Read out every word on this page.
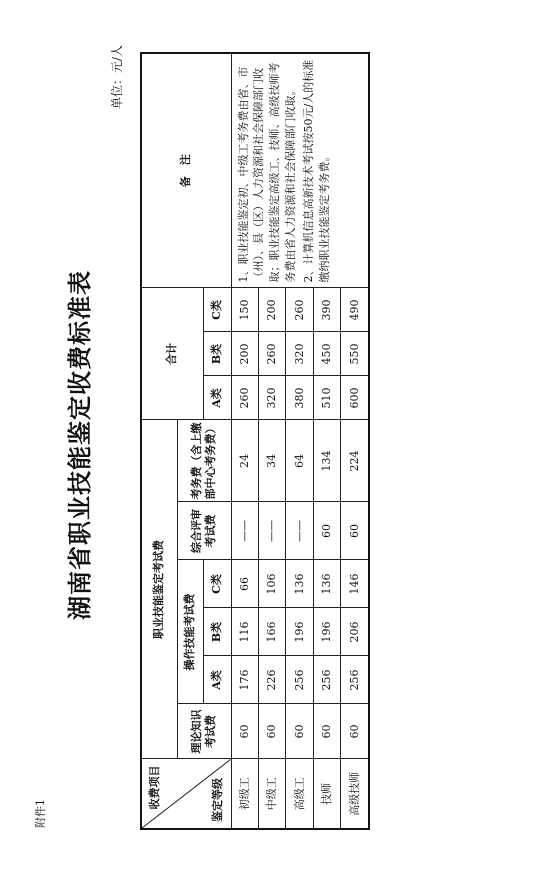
附件1
湖南省职业技能鉴定收费标准表
单位：元/人
收费项目 鉴定等级	职业技能鉴定考试费						合计			备　注
	理论知识考试费	操作技能考试费			综合评审考试费	考务费（含上缴部中心考务费）				
		A类	B类	C类			A类	B类	C类	
初级工	60	176	116	66	——	24	260	200	150	1、职业技能鉴定初、中级工考务费由省、市（州）、县（区）人力资源和社会保障部门收取；职业技能鉴定高级工、技师、高级技师考务费由省人力资源和社会保障部门收取。 2、计算机信息高新技术考试按50元/人的标准缴纳职业技能鉴定考务费。

中级工	60	226	166	106	——	34	320	260	200	
高级工	60	256	196	136	——	64	380	320	260	
技师	60	256	196	136	60	134	510	450	390	
高级技师	60	256	206	146	60	224	600	550	490	
